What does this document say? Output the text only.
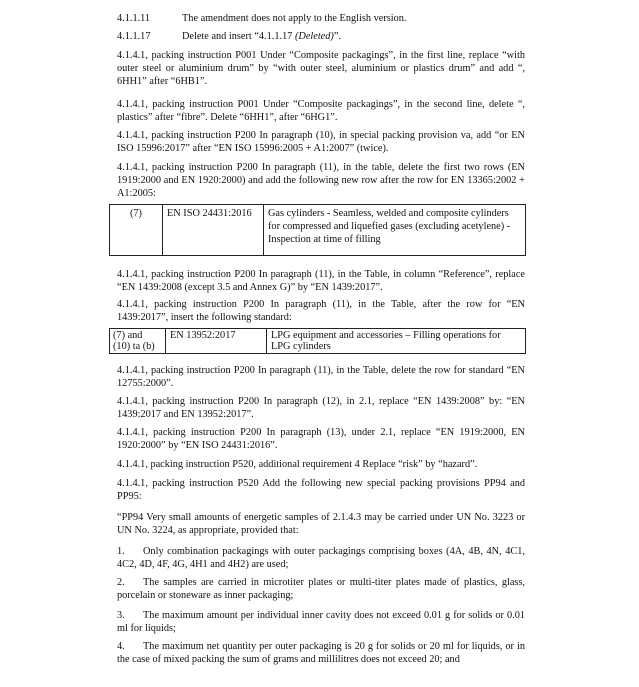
4.1.1.11	The amendment does not apply to the English version.
4.1.1.17	Delete and insert “4.1.1.17 (Deleted)”.

4.1.4.1, packing instruction P001 Under “Composite packagings”, in the first line, replace “with outer steel or aluminium drum” by “with outer steel, aluminium or plastics drum” and add “, 6HH1” after “6HB1”.

4.1.4.1, packing instruction P001 Under “Composite packagings”, in the second line, delete “, plastics” after “fibre”. Delete “6HH1”, after “6HG1”.

4.1.4.1, packing instruction P200 In paragraph (10), in special packing provision va, add “or EN ISO 15996:2017” after “EN ISO 15996:2005 + A1:2007” (twice).

4.1.4.1, packing instruction P200 In paragraph (11), in the table, delete the first two rows (EN 1919:2000 and EN 1920:2000) and add the following new row after the row for EN 13365:2002 + A1:2005:

(7)	EN ISO 24431:2016	Gas cylinders - Seamless, welded and composite cylinders for compressed and liquefied gases (excluding acetylene) - Inspection at time of filling

4.1.4.1, packing instruction P200 In paragraph (11), in the Table, in column “Reference”, replace “EN 1439:2008 (except 3.5 and Annex G)” by “EN 1439:2017”.

4.1.4.1, packing instruction P200 In paragraph (11), in the Table, after the row for “EN 1439:2017”, insert the following standard:

(7) and (10) ta (b)	EN 13952:2017	LPG equipment and accessories – Filling operations for LPG cylinders

4.1.4.1, packing instruction P200 In paragraph (11), in the Table, delete the row for standard “EN 12755:2000”.

4.1.4.1, packing instruction P200 In paragraph (12), in 2.1, replace “EN 1439:2008” by: “EN 1439:2017 and EN 13952:2017”.

4.1.4.1, packing instruction P200 In paragraph (13), under 2.1, replace “EN 1919:2000, EN 1920:2000” by “EN ISO 24431:2016”.

4.1.4.1, packing instruction P520, additional requirement 4 Replace “risk” by “hazard”.

4.1.4.1, packing instruction P520 Add the following new special packing provisions PP94 and PP95:

“PP94 Very small amounts of energetic samples of 2.1.4.3 may be carried under UN No. 3223 or UN No. 3224, as appropriate, provided that:

1. Only combination packagings with outer packagings comprising boxes (4A, 4B, 4N, 4C1, 4C2, 4D, 4F, 4G, 4H1 and 4H2) are used;

2. The samples are carried in microtiter plates or multi-titer plates made of plastics, glass, porcelain or stoneware as inner packaging;

3. The maximum amount per individual inner cavity does not exceed 0.01 g for solids or 0.01 ml for liquids;

4. The maximum net quantity per outer packaging is 20 g for solids or 20 ml for liquids, or in the case of mixed packing the sum of grams and millilitres does not exceed 20; and
